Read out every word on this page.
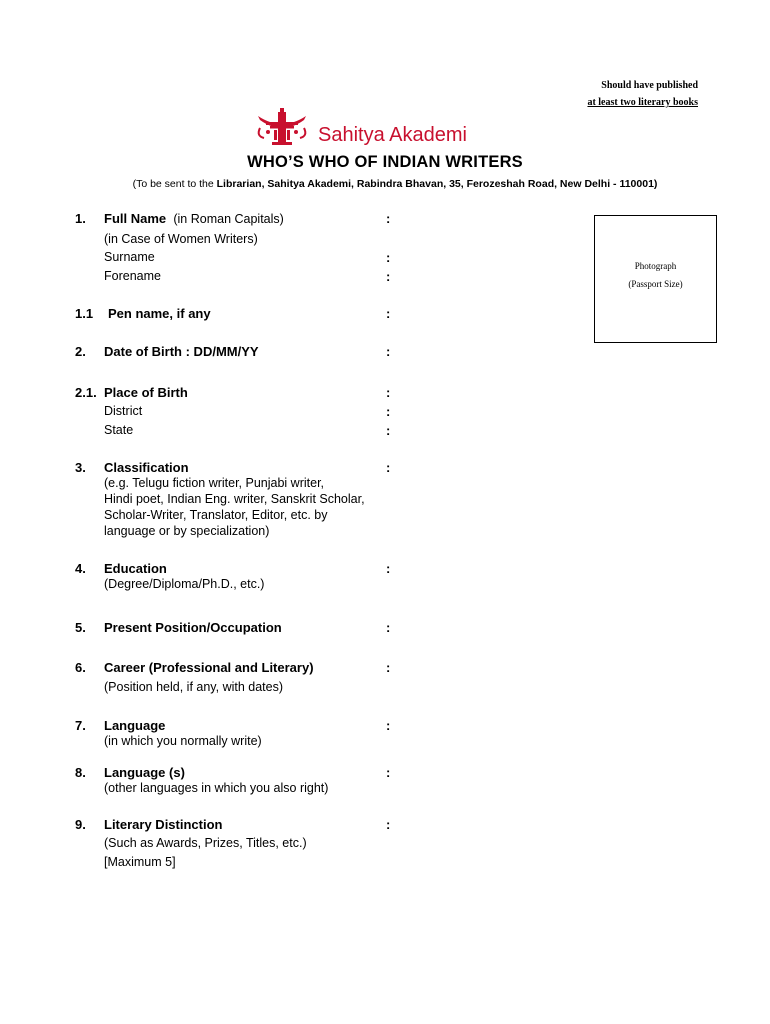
Should have published
at least two literary books
Sahitya Akademi
WHO’S WHO OF INDIAN WRITERS
(To be sent to the Librarian, Sahitya Akademi, Rabindra Bhavan, 35, Ferozeshah Road, New Delhi - 110001)
Photograph
(Passport Size)
1. Full Name (in Roman Capitals)	:
(in Case of Women Writers)
Surname	:
Forename	:
1.1 Pen name, if any	:
2. Date of Birth : DD/MM/YY	:
2.1. Place of Birth	:
District	:
State	:
3. Classification	:
(e.g. Telugu fiction writer, Punjabi writer,
Hindi poet, Indian Eng. writer, Sanskrit Scholar,
Scholar-Writer, Translator, Editor, etc. by
language or by specialization)
4. Education	:
(Degree/Diploma/Ph.D., etc.)
5. Present Position/Occupation	:
6. Career (Professional and Literary)	:
(Position held, if any, with dates)
7. Language	:
(in which you normally write)
8. Language (s)	:
(other languages in which you also right)
9. Literary Distinction	:
(Such as Awards, Prizes, Titles, etc.)
[Maximum 5]
